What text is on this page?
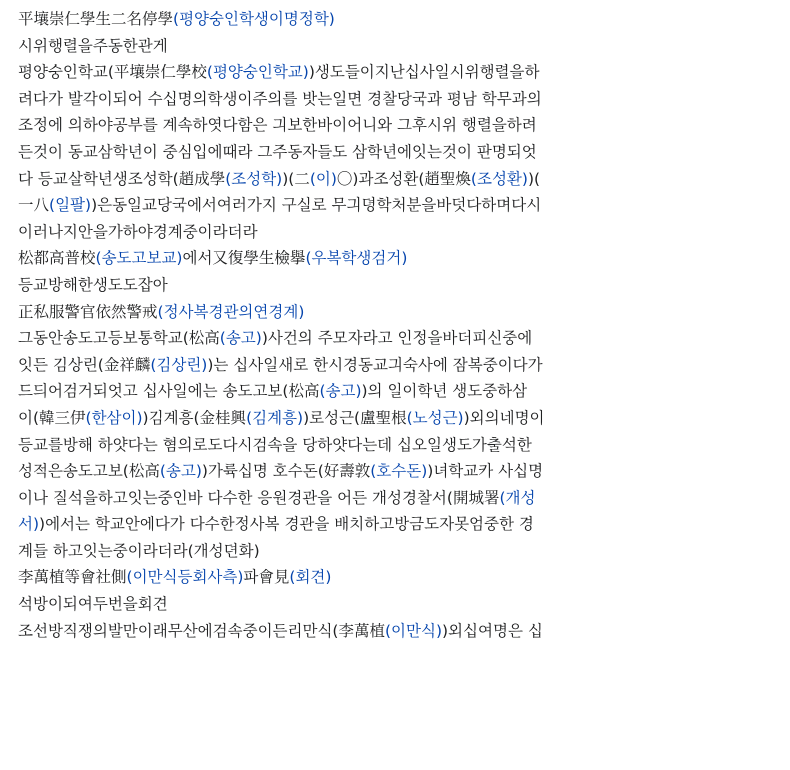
平壤崇仁學生二名停學(평양숭인학생이명정학)
시위행렬을주동한관게
평양숭인학교(平壤崇仁學校(평양숭인학교))생도들이지난십사일시위행렬을하
려다가 발각이되어 수십명의학생이주의를 밧는일면 경찰당국과 평남 학무과의
조정에 의하야공부를 계속하엿다함은 긔보한바이어니와 그후시위 행렬을하려
든것이 동교삼학년이 중심입에때라 그주동자들도 삼학년에잇는것이 판명되엇
다 등교살학년생조성학(趙成學(조성학))(二(이)〇)과조성환(趙聖煥(조성환))(
一八(일팔))은동일교당국에서여러가지 구실로 무긔뎡학처분을바덧다하며다시
이러나지안을가하야경계중이라더라
松都高普校(송도고보교)에서又復學生檢擧(우복학생검거)
등교방해한생도도잡아
正私服警官依然警戒(정사복경관의연경계)
그동안송도고등보통학교(松高(송고))사건의 주모자라고 인정을바더피신중에
잇든 김상린(金祥麟(김상린))는 십사일새로 한시경동교긔숙사에 잠복중이다가
드듸어검거되엇고 십사일에는 송도고보(松高(송고))의 일이학년 생도중하삼
이(韓三伊(한삼이))김계흥(金桂興(김계흥))로성근(盧聖根(노성근))외의네명이
등교를방해 하얏다는 혐의로도다시검속을 당하얏다는데 십오일생도가출석한
성적은송도고보(松高(송고))가륙십명 호수돈(好壽敦(호수돈))녀학교카 사십명
이나 질석을하고잇는중인바 다수한 응원경관을 어든 개성경찰서(開城署(개성
서))에서는 학교안에다가 다수한정사복 경관을 배치하고방금도자못엄중한 경
계들 하고잇는중이라더라(개성뎐화)
李萬植等會社側(이만식등회사측)파會見(회견)
석방이되여두번을회견
조선방직쟁의발만이래무산에검속중이든리만식(李萬植(이만식))외십여명은 십
